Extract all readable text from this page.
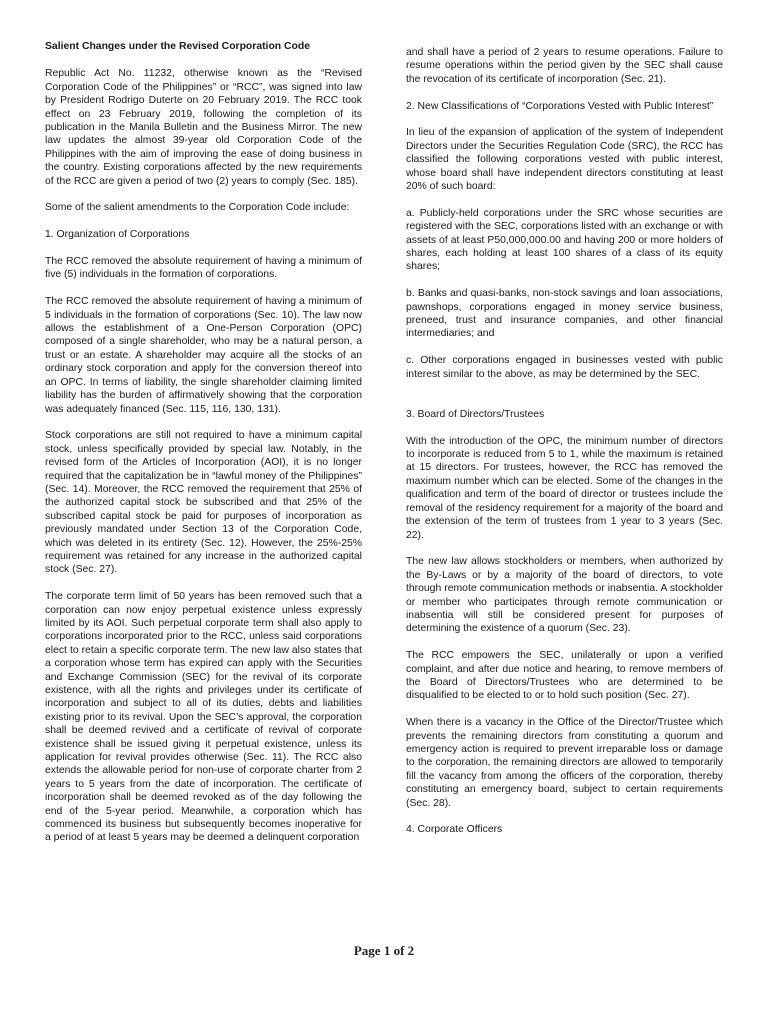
Salient Changes under the Revised Corporation Code

Republic Act No. 11232, otherwise known as the “Revised Corporation Code of the Philippines” or “RCC”, was signed into law by President Rodrigo Duterte on 20 February 2019. The RCC took effect on 23 February 2019, following the completion of its publication in the Manila Bulletin and the Business Mirror. The new law updates the almost 39-year old Corporation Code of the Philippines with the aim of improving the ease of doing business in the country. Existing corporations affected by the new requirements of the RCC are given a period of two (2) years to comply (Sec. 185).

Some of the salient amendments to the Corporation Code include:

1. Organization of Corporations

The RCC removed the absolute requirement of having a minimum of five (5) individuals in the formation of corporations.

The RCC removed the absolute requirement of having a minimum of 5 individuals in the formation of corporations (Sec. 10). The law now allows the establishment of a One-Person Corporation (OPC) composed of a single shareholder, who may be a natural person, a trust or an estate. A shareholder may acquire all the stocks of an ordinary stock corporation and apply for the conversion thereof into an OPC. In terms of liability, the single shareholder claiming limited liability has the burden of affirmatively showing that the corporation was adequately financed (Sec. 115, 116, 130, 131).

Stock corporations are still not required to have a minimum capital stock, unless specifically provided by special law. Notably, in the revised form of the Articles of Incorporation (AOI), it is no longer required that the capitalization be in “lawful money of the Philippines” (Sec. 14). Moreover, the RCC removed the requirement that 25% of the authorized capital stock be subscribed and that 25% of the subscribed capital stock be paid for purposes of incorporation as previously mandated under Section 13 of the Corporation Code, which was deleted in its entirety (Sec. 12). However, the 25%-25% requirement was retained for any increase in the authorized capital stock (Sec. 27).

The corporate term limit of 50 years has been removed such that a corporation can now enjoy perpetual existence unless expressly limited by its AOI. Such perpetual corporate term shall also apply to corporations incorporated prior to the RCC, unless said corporations elect to retain a specific corporate term. The new law also states that a corporation whose term has expired can apply with the Securities and Exchange Commission (SEC) for the revival of its corporate existence, with all the rights and privileges under its certificate of incorporation and subject to all of its duties, debts and liabilities existing prior to its revival. Upon the SEC’s approval, the corporation shall be deemed revived and a certificate of revival of corporate existence shall be issued giving it perpetual existence, unless its application for revival provides otherwise (Sec. 11). The RCC also extends the allowable period for non-use of corporate charter from 2 years to 5 years from the date of incorporation. The certificate of incorporation shall be deemed revoked as of the day following the end of the 5-year period. Meanwhile, a corporation which has commenced its business but subsequently becomes inoperative for a period of at least 5 years may be deemed a delinquent corporation

and shall have a period of 2 years to resume operations. Failure to resume operations within the period given by the SEC shall cause the revocation of its certificate of incorporation (Sec. 21).

2. New Classifications of “Corporations Vested with Public Interest”

In lieu of the expansion of application of the system of Independent Directors under the Securities Regulation Code (SRC), the RCC has classified the following corporations vested with public interest, whose board shall have independent directors constituting at least 20% of such board:

a. Publicly-held corporations under the SRC whose securities are registered with the SEC, corporations listed with an exchange or with assets of at least P50,000,000.00 and having 200 or more holders of shares, each holding at least 100 shares of a class of its equity shares;

b. Banks and quasi-banks, non-stock savings and loan associations, pawnshops, corporations engaged in money service business, preneed, trust and insurance companies, and other financial intermediaries; and

c. Other corporations engaged in businesses vested with public interest similar to the above, as may be determined by the SEC.

3. Board of Directors/Trustees

With the introduction of the OPC, the minimum number of directors to incorporate is reduced from 5 to 1, while the maximum is retained at 15 directors. For trustees, however, the RCC has removed the maximum number which can be elected. Some of the changes in the qualification and term of the board of director or trustees include the removal of the residency requirement for a majority of the board and the extension of the term of trustees from 1 year to 3 years (Sec. 22).

The new law allows stockholders or members, when authorized by the By-Laws or by a majority of the board of directors, to vote through remote communication methods or inabsentia. A stockholder or member who participates through remote communication or inabsentia will still be considered present for purposes of determining the existence of a quorum (Sec. 23).

The RCC empowers the SEC, unilaterally or upon a verified complaint, and after due notice and hearing, to remove members of the Board of Directors/Trustees who are determined to be disqualified to be elected to or to hold such position (Sec. 27).

When there is a vacancy in the Office of the Director/Trustee which prevents the remaining directors from constituting a quorum and emergency action is required to prevent irreparable loss or damage to the corporation, the remaining directors are allowed to temporarily fill the vacancy from among the officers of the corporation, thereby constituting an emergency board, subject to certain requirements (Sec. 28).

4. Corporate Officers

Page 1 of 2
